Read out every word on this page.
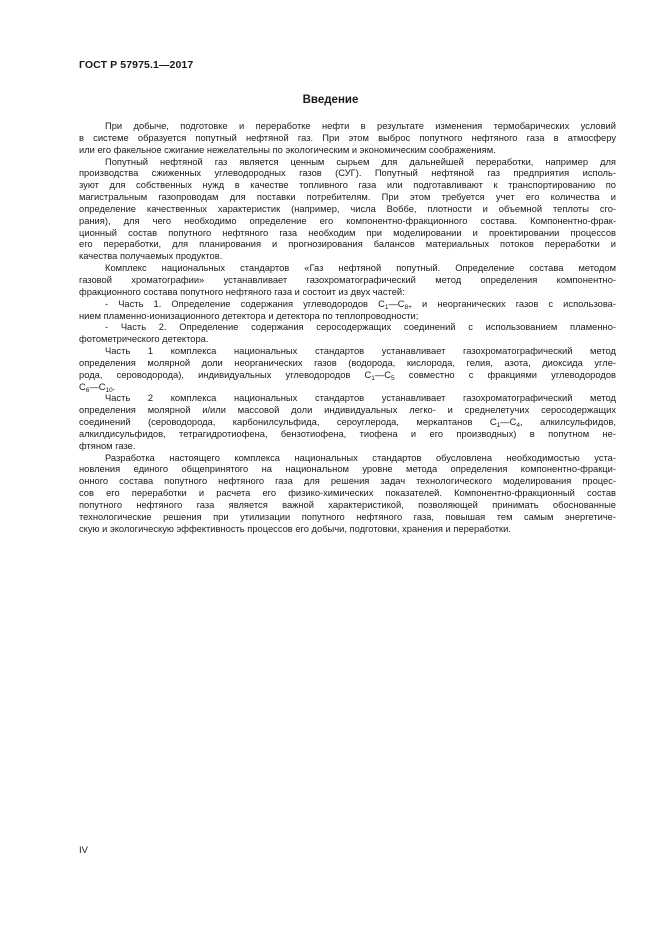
ГОСТ Р 57975.1—2017
Введение
При добыче, подготовке и переработке нефти в результате изменения термобарических условий
в системе образуется попутный нефтяной газ. При этом выброс попутного нефтяного газа в атмосферу
или его факельное сжигание нежелательны по экологическим и экономическим соображениям.
Попутный нефтяной газ является ценным сырьем для дальнейшей переработки, например для
производства сжиженных углеводородных газов (СУГ). Попутный нефтяной газ предприятия исполь-
зуют для собственных нужд в качестве топливного газа или подготавливают к транспортированию по
магистральным газопроводам для поставки потребителям. При этом требуется учет его количества и
определение качественных характеристик (например, числа Воббе, плотности и объемной теплоты сго-
рания), для чего необходимо определение его компонентно-фракционного состава. Компонентно-фрак-
ционный состав попутного нефтяного газа необходим при моделировании и проектировании процессов
его переработки, для планирования и прогнозирования балансов материальных потоков переработки и
качества получаемых продуктов.
Комплекс национальных стандартов «Газ нефтяной попутный. Определение состава методом
газовой хроматографии» устанавливает газохроматографический метод определения компонентно-
фракционного состава попутного нефтяного газа и состоит из двух частей:
- Часть 1. Определение содержания углеводородов $С_1—С_{8+}$ и неорганических газов с использова-
нием пламенно-ионизационного детектора и детектора по теплопроводности;
- Часть 2. Определение содержания серосодержащих соединений с использованием пламенно-
фотометрического детектора.
Часть 1 комплекса национальных стандартов устанавливает газохроматографический метод
определения молярной доли неорганических газов (водорода, кислорода, гелия, азота, диоксида угле-
рода, сероводорода), индивидуальных углеводородов $С_1—С_5$ совместно с фракциями углеводородов
$С_6—С_{10}$.
Часть 2 комплекса национальных стандартов устанавливает газохроматографический метод
определения молярной и/или массовой доли индивидуальных легко- и среднелетучих серосодержащих
соединений (сероводорода, карбонилсульфида, сероуглерода, меркаптанов $С_1—С_4$, алкилсульфидов,
алкилдисульфидов, тетрагидротиофена, бензотиофена, тиофена и его производных) в попутном не-
фтяном газе.
Разработка настоящего комплекса национальных стандартов обусловлена необходимостью уста-
новления единого общепринятого на национальном уровне метода определения компонентно-фракци-
онного состава попутного нефтяного газа для решения задач технологического моделирования процес-
сов его переработки и расчета его физико-химических показателей. Компонентно-фракционный состав
попутного нефтяного газа является важной характеристикой, позволяющей принимать обоснованные
технологические решения при утилизации попутного нефтяного газа, повышая тем самым энергетиче-
скую и экологическую эффективность процессов его добычи, подготовки, хранения и переработки.
IV
